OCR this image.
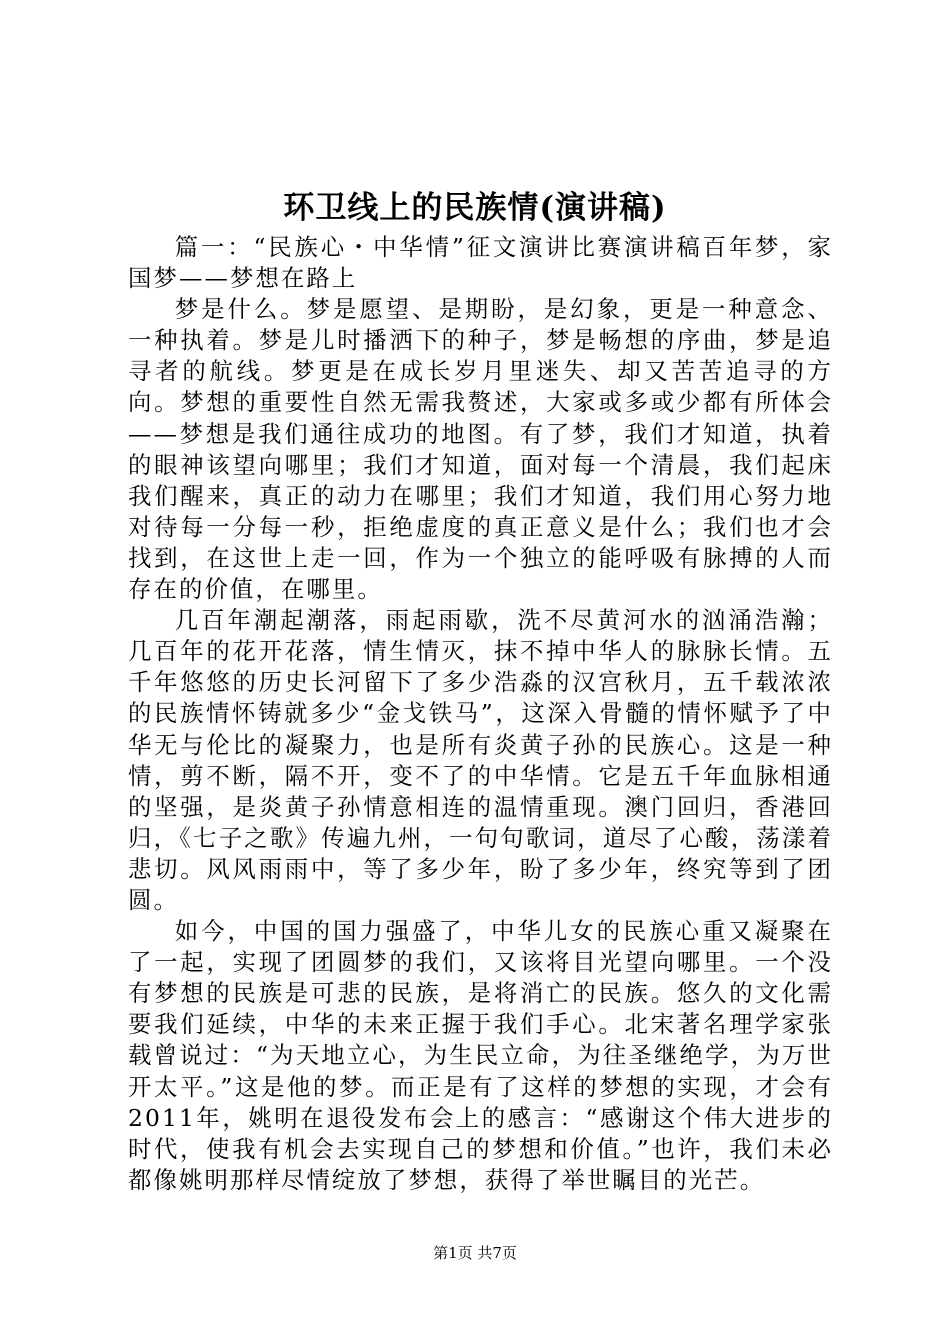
环卫线上的民族情(演讲稿)

篇一：“民族心・中华情”征文演讲比赛演讲稿百年梦，家国梦——梦想在路上

梦是什么。梦是愿望、是期盼，是幻象，更是一种意念、一种执着。梦是儿时播洒下的种子，梦是畅想的序曲，梦是追寻者的航线。梦更是在成长岁月里迷失、却又苦苦追寻的方向。梦想的重要性自然无需我赘述，大家或多或少都有所体会——梦想是我们通往成功的地图。有了梦，我们才知道，执着的眼神该望向哪里；我们才知道，面对每一个清晨，我们起床我们醒来，真正的动力在哪里；我们才知道，我们用心努力地对待每一分每一秒，拒绝虚度的真正意义是什么；我们也才会找到，在这世上走一回，作为一个独立的能呼吸有脉搏的人而存在的价值，在哪里。

几百年潮起潮落，雨起雨歇，洗不尽黄河水的汹涌浩瀚；几百年的花开花落，情生情灭，抹不掉中华人的脉脉长情。五千年悠悠的历史长河留下了多少浩淼的汉宫秋月，五千载浓浓的民族情怀铸就多少“金戈铁马”，这深入骨髓的情怀赋予了中华无与伦比的凝聚力，也是所有炎黄子孙的民族心。这是一种情，剪不断，隔不开，变不了的中华情。它是五千年血脉相通的坚强，是炎黄子孙情意相连的温情重现。澳门回归，香港回归，《七子之歌》传遍九州，一句句歌词，道尽了心酸，荡漾着悲切。风风雨雨中，等了多少年，盼了多少年，终究等到了团圆。

如今，中国的国力强盛了，中华儿女的民族心重又凝聚在了一起，实现了团圆梦的我们，又该将目光望向哪里。一个没有梦想的民族是可悲的民族，是将消亡的民族。悠久的文化需要我们延续，中华的未来正握于我们手心。北宋著名理学家张载曾说过：“为天地立心，为生民立命，为往圣继绝学，为万世开太平。”这是他的梦。而正是有了这样的梦想的实现，才会有2011年，姚明在退役发布会上的感言：“感谢这个伟大进步的时代，使我有机会去实现自己的梦想和价值。”也许，我们未必都像姚明那样尽情绽放了梦想，获得了举世瞩目的光芒。

第1页 共7页
